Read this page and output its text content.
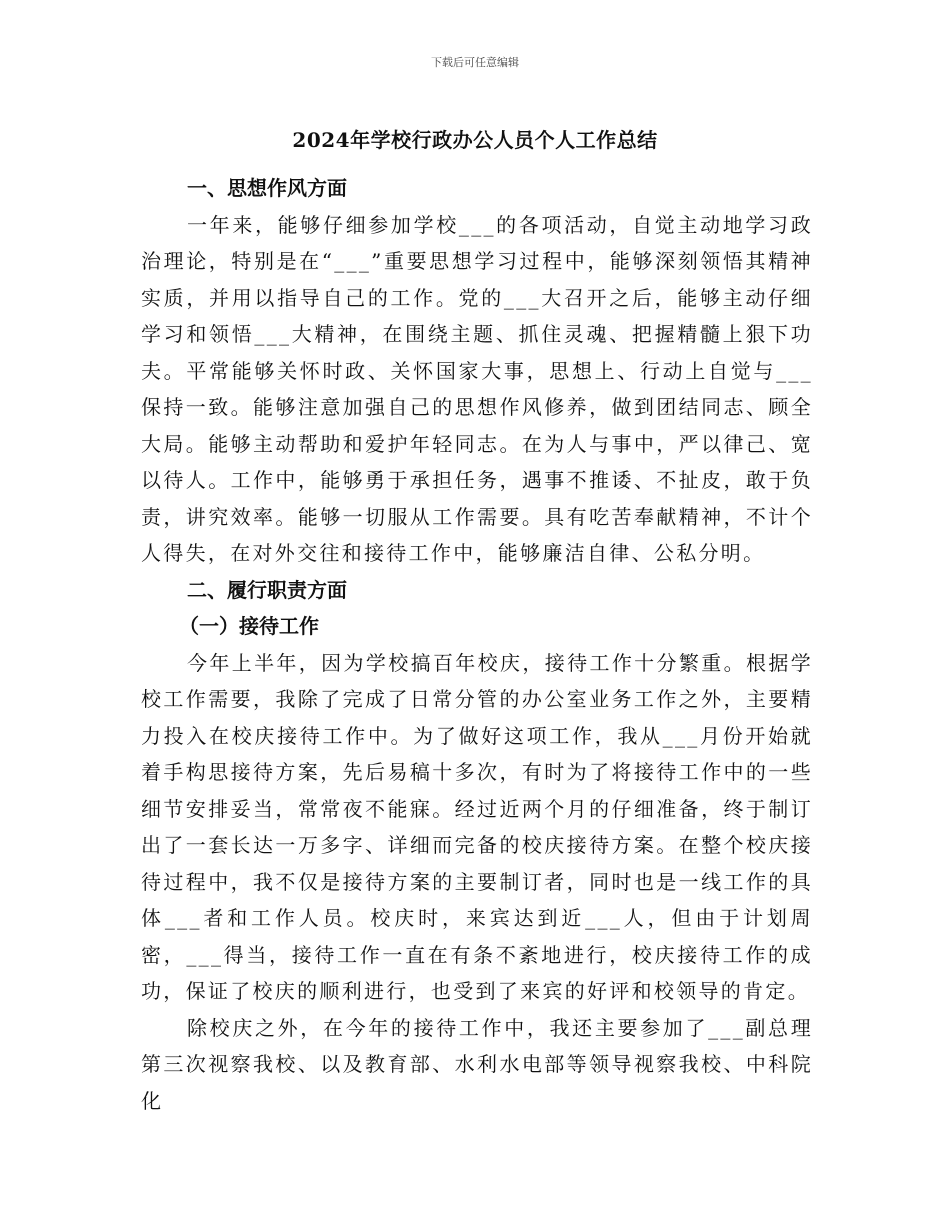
下载后可任意编辑
2024年学校行政办公人员个人工作总结

一、思想作风方面

一年来，能够仔细参加学校___的各项活动，自觉主动地学习政治理论，特别是在“___”重要思想学习过程中，能够深刻领悟其精神实质，并用以指导自己的工作。党的___大召开之后，能够主动仔细学习和领悟___大精神，在围绕主题、抓住灵魂、把握精髓上狠下功夫。平常能够关怀时政、关怀国家大事，思想上、行动上自觉与___保持一致。能够注意加强自己的思想作风修养，做到团结同志、顾全大局。能够主动帮助和爱护年轻同志。在为人与事中，严以律己、宽以待人。工作中，能够勇于承担任务，遇事不推诿、不扯皮，敢于负责，讲究效率。能够一切服从工作需要。具有吃苦奉献精神，不计个人得失，在对外交往和接待工作中，能够廉洁自律、公私分明。

二、履行职责方面

（一）接待工作

今年上半年，因为学校搞百年校庆，接待工作十分繁重。根据学校工作需要，我除了完成了日常分管的办公室业务工作之外，主要精力投入在校庆接待工作中。为了做好这项工作，我从___月份开始就着手构思接待方案，先后易稿十多次，有时为了将接待工作中的一些细节安排妥当，常常夜不能寐。经过近两个月的仔细准备，终于制订出了一套长达一万多字、详细而完备的校庆接待方案。在整个校庆接待过程中，我不仅是接待方案的主要制订者，同时也是一线工作的具体___者和工作人员。校庆时，来宾达到近___人，但由于计划周密，___得当，接待工作一直在有条不紊地进行，校庆接待工作的成功，保证了校庆的顺利进行，也受到了来宾的好评和校领导的肯定。

除校庆之外，在今年的接待工作中，我还主要参加了___副总理第三次视察我校、以及教育部、水利水电部等领导视察我校、中科院化
